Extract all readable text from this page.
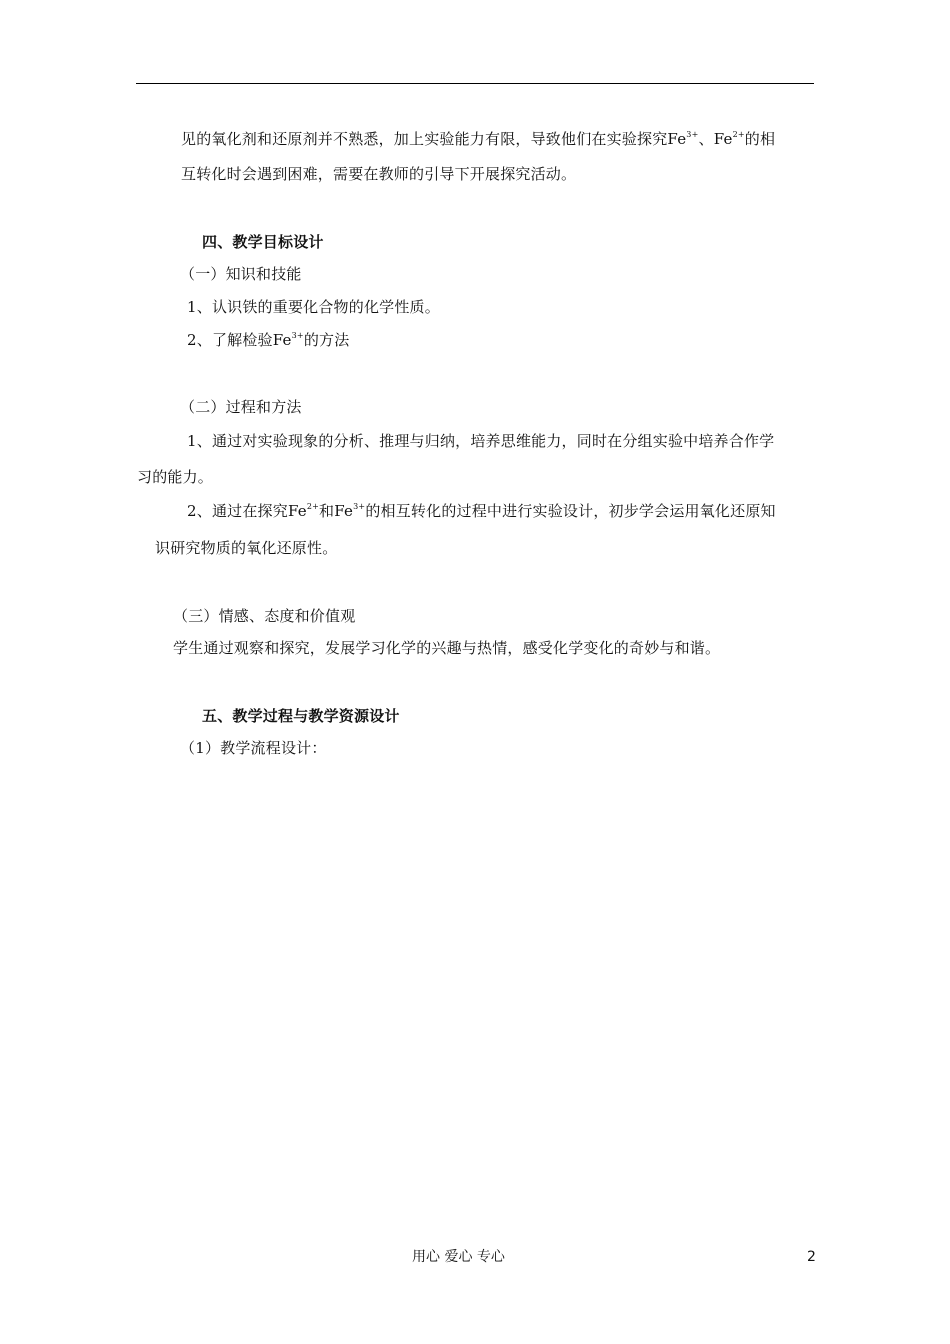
见的氧化剂和还原剂并不熟悉，加上实验能力有限，导致他们在实验探究$Fe^{3+}$、$Fe^{2+}$的相
互转化时会遇到困难，需要在教师的引导下开展探究活动。
四、教学目标设计
（一）知识和技能
1、认识铁的重要化合物的化学性质。
2、了解检验$Fe^{3+}$的方法
（二）过程和方法
1、通过对实验现象的分析、推理与归纳，培养思维能力，同时在分组实验中培养合作学
习的能力。
2、通过在探究$Fe^{2+}$和$Fe^{3+}$的相互转化的过程中进行实验设计，初步学会运用氧化还原知
识研究物质的氧化还原性。
（三）情感、态度和价值观
学生通过观察和探究，发展学习化学的兴趣与热情，感受化学变化的奇妙与和谐。
五、教学过程与教学资源设计
（1）教学流程设计：
用心 爱心 专心	2
